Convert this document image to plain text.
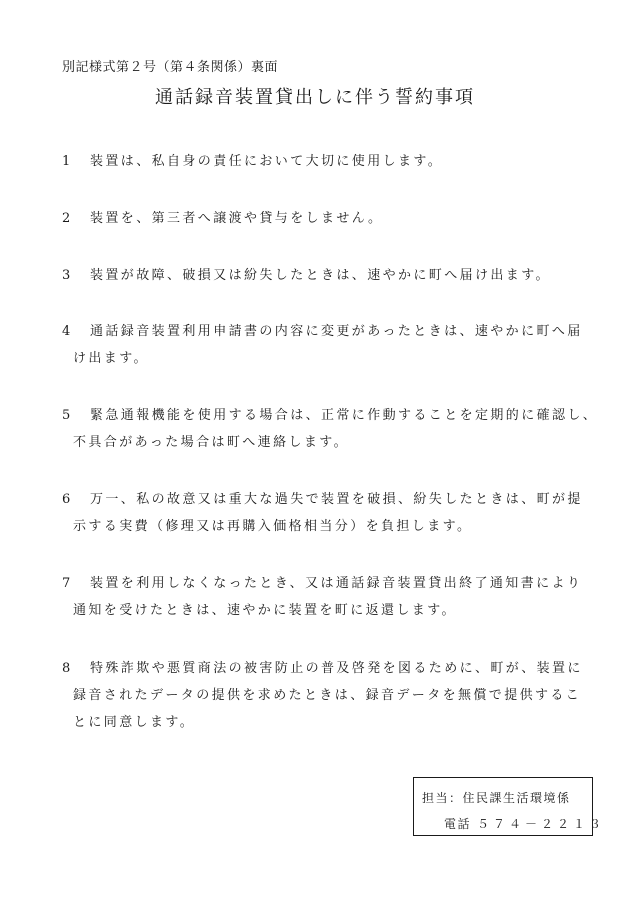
別記様式第２号（第４条関係）裏面
通話録音装置貸出しに伴う誓約事項
1 装置は、私自身の責任において大切に使用します。
2 装置を、第三者へ譲渡や貸与をしません。
3 装置が故障、破損又は紛失したときは、速やかに町へ届け出ます。
4 通話録音装置利用申請書の内容に変更があったときは、速やかに町へ届
け出ます。
5 緊急通報機能を使用する場合は、正常に作動することを定期的に確認し、
不具合があった場合は町へ連絡します。
6 万一、私の故意又は重大な過失で装置を破損、紛失したときは、町が提
示する実費（修理又は再購入価格相当分）を負担します。
7 装置を利用しなくなったとき、又は通話録音装置貸出終了通知書により
通知を受けたときは、速やかに装置を町に返還します。
8 特殊詐欺や悪質商法の被害防止の普及啓発を図るために、町が、装置に
録音されたデータの提供を求めたときは、録音データを無償で提供するこ
とに同意します。
担当：住民課生活環境係
電話 ５７４－２２１３
